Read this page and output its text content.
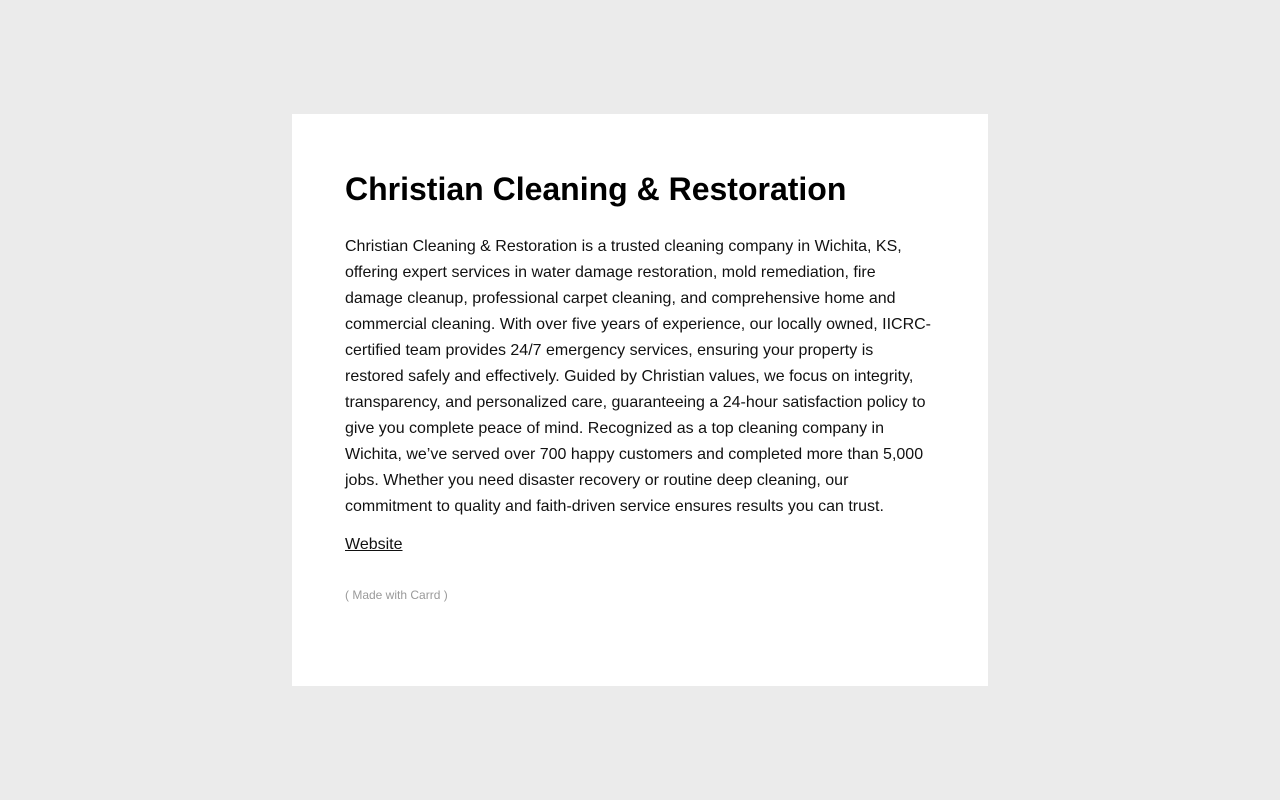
Christian Cleaning & Restoration

Christian Cleaning & Restoration is a trusted cleaning company in Wichita, KS, offering expert services in water damage restoration, mold remediation, fire damage cleanup, professional carpet cleaning, and comprehensive home and commercial cleaning. With over five years of experience, our locally owned, IICRC-certified team provides 24/7 emergency services, ensuring your property is restored safely and effectively. Guided by Christian values, we focus on integrity, transparency, and personalized care, guaranteeing a 24-hour satisfaction policy to give you complete peace of mind. Recognized as a top cleaning company in Wichita, we’ve served over 700 happy customers and completed more than 5,000 jobs. Whether you need disaster recovery or routine deep cleaning, our commitment to quality and faith-driven service ensures results you can trust.

Website
( Made with Carrd )
